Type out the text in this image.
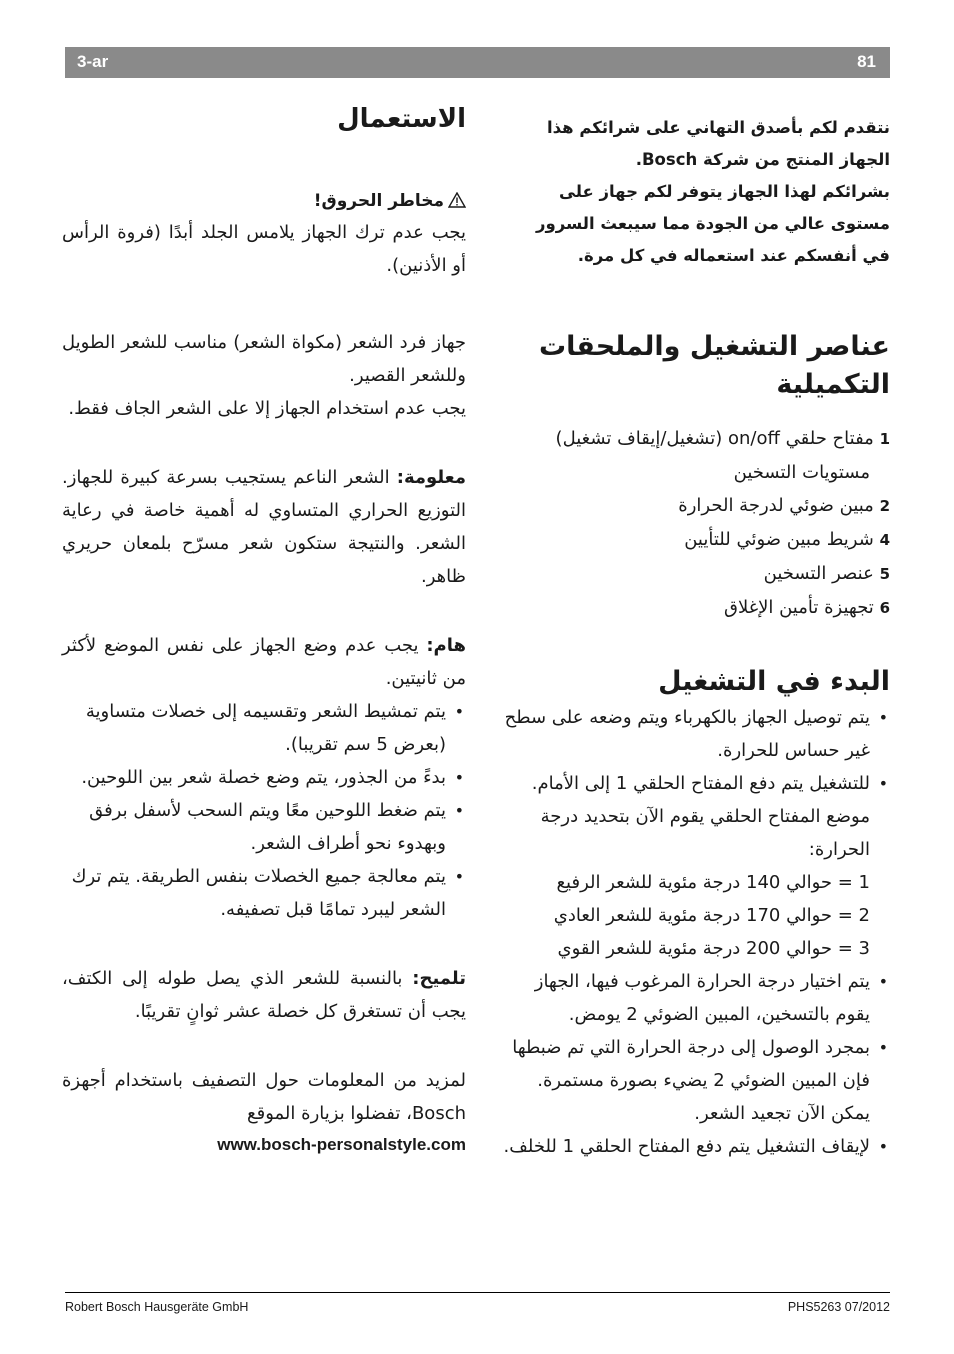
3-ar	81
نتقدم لكم بأصدق التهاني على شرائكم هذا
الجهاز المنتج من شركة Bosch.
بشرائكم لهذا الجهاز يتوفر لكم جهاز على
مستوى عالي من الجودة مما سيبعث السرور
في أنفسكم عند استعماله في كل مرة.
عناصر التشغيل والملحقات
التكميلية
1 مفتاح حلقي on/off (تشغيل/إيقاف تشغيل)
مستويات التسخين
2 مبين ضوئي لدرجة الحرارة
4 شريط مبين ضوئي للتأيين
5 عنصر التسخين
6 تجهيزة تأمين الإغلاق
البدء في التشغيل
• يتم توصيل الجهاز بالكهرباء ويتم وضعه على سطح غير حساس للحرارة.
• للتشغيل يتم دفع المفتاح الحلقي 1 إلى الأمام. موضع المفتاح الحلقي يقوم الآن بتحديد درجة الحرارة:
1 = حوالي 140 درجة مئوية للشعر الرفيع
2 = حوالي 170 درجة مئوية للشعر العادي
3 = حوالي 200 درجة مئوية للشعر القوي
• يتم اختيار درجة الحرارة المرغوب فيها، الجهاز يقوم بالتسخين، المبين الضوئي 2 يومض.
• بمجرد الوصول إلى درجة الحرارة التي تم ضبطها فإن المبين الضوئي 2 يضيء بصورة مستمرة. يمكن الآن تجعيد الشعر.
• لإيقاف التشغيل يتم دفع المفتاح الحلقي 1 للخلف.
الاستعمال
مخاطر الحروق!
يجب عدم ترك الجهاز يلامس الجلد أبدًا (فروة الرأس أو الأذنين).
جهاز فرد الشعر (مكواة الشعر) مناسب للشعر الطويل وللشعر القصير.
يجب عدم استخدام الجهاز إلا على الشعر الجاف فقط.
معلومة: الشعر الناعم يستجيب بسرعة كبيرة للجهاز. التوزيع الحراري المتساوي له أهمية خاصة في رعاية الشعر. والنتيجة ستكون شعر مسرّح بلمعان حريري ظاهر.
هام: يجب عدم وضع الجهاز على نفس الموضع لأكثر من ثانيتين.
• يتم تمشيط الشعر وتقسيمه إلى خصلات متساوية (بعرض 5 سم تقريبا).
• بدءً من الجذور، يتم وضع خصلة شعر بين اللوحين.
• يتم ضغط اللوحين معًا ويتم السحب لأسفل برفق وبهدوء نحو أطراف الشعر.
• يتم معالجة جميع الخصلات بنفس الطريقة. يتم ترك الشعر ليبرد تمامًا قبل تصفيفه.
تلميح: بالنسبة للشعر الذي يصل طوله إلى الكتف، يجب أن تستغرق كل خصلة عشر ثوانٍ تقريبًا.
لمزيد من المعلومات حول التصفيف باستخدام أجهزة Bosch، تفضلوا بزيارة الموقع
www.bosch-personalstyle.com
Robert Bosch Hausgeräte GmbH	PHS5263 07/2012
